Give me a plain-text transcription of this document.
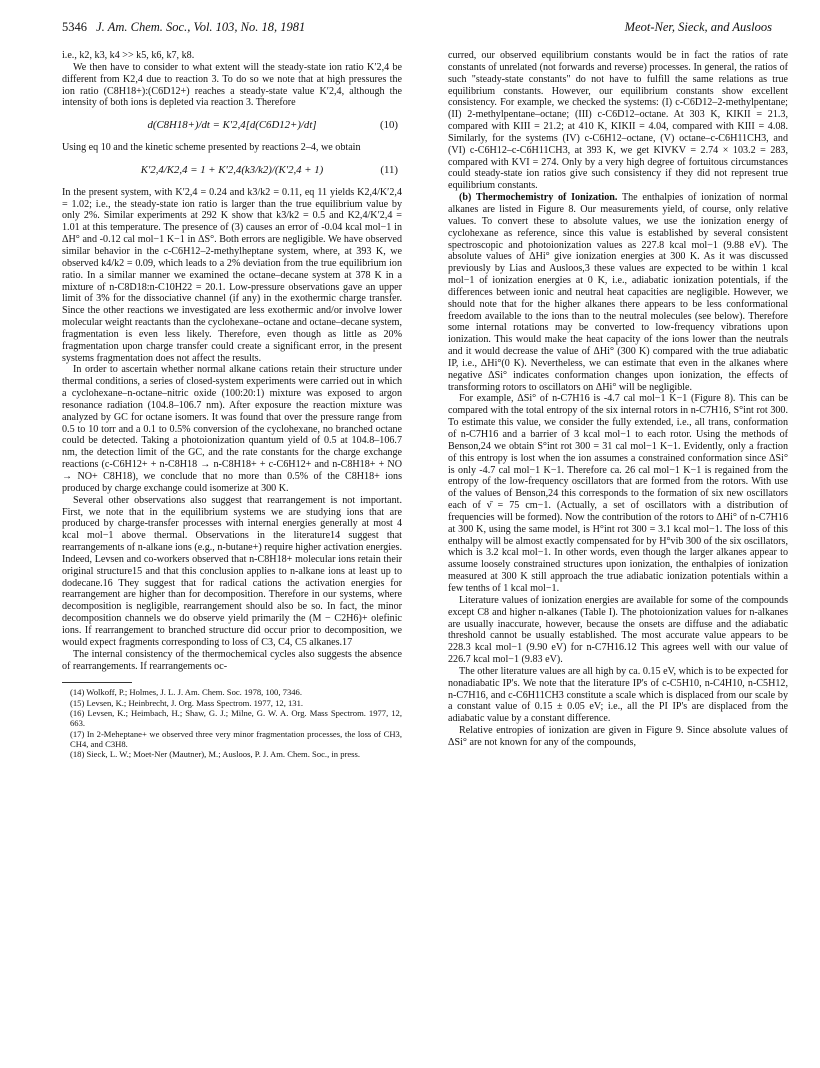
5346 J. Am. Chem. Soc., Vol. 103, No. 18, 1981	Meot-Ner, Sieck, and Ausloos

i.e., k2, k3, k4 >> k5, k6, k7, k8.

We then have to consider to what extent will the steady-state ion ratio K′2,4 be different from K2,4 due to reaction 3. To do so we note that at high pressures the ion ratio (C8H18+):(C6D12+) reaches a steady-state value K′2,4, although the intensity of both ions is depleted via reaction 3. Therefore

d(C8H18+)/dt = K′2,4[d(C6D12+)/dt]	(10)

Using eq 10 and the kinetic scheme presented by reactions 2–4, we obtain

K′2,4/K2,4 = 1 + K′2,4(k3/k2)/(K′2,4 + 1)	(11)

In the present system, with K′2,4 = 0.24 and k3/k2 = 0.11, eq 11 yields K2,4/K′2,4 = 1.02; i.e., the steady-state ion ratio is larger than the true equilibrium value by only 2%. Similar experiments at 292 K show that k3/k2 = 0.5 and K2,4/K′2,4 = 1.01 at this temperature. The presence of (3) causes an error of -0.04 kcal mol−1 in ΔH° and -0.12 cal mol−1 K−1 in ΔS°. Both errors are negligible. We have observed similar behavior in the c-C6H12–2-methylheptane system, where, at 393 K, we observed k4/k2 = 0.09, which leads to a 2% deviation from the true equilibrium ion ratio. In a similar manner we examined the octane–decane system at 378 K in a mixture of n-C8D18:n-C10H22 = 20.1. Low-pressure observations gave an upper limit of 3% for the dissociative channel (if any) in the exothermic charge transfer. Since the other reactions we investigated are less exothermic and/or involve lower molecular weight reactants than the cyclohexane–octane and octane–decane system, fragmentation is even less likely. Therefore, even though as little as 20% fragmentation upon charge transfer could create a significant error, in the present systems fragmentation does not affect the results.

In order to ascertain whether normal alkane cations retain their structure under thermal conditions, a series of closed-system experiments were carried out in which a cyclohexane–n-octane–nitric oxide (100:20:1) mixture was exposed to argon resonance radiation (104.8–106.7 nm). After exposure the reaction mixture was analyzed by GC for octane isomers. It was found that over the pressure range from 0.5 to 10 torr and a 0.1 to 0.5% conversion of the cyclohexane, no branched octane could be detected. Taking a photoionization quantum yield of 0.5 at 104.8–106.7 nm, the detection limit of the GC, and the rate constants for the charge exchange reactions (c-C6H12+ + n-C8H18 → n-C8H18+ + c-C6H12+ and n-C8H18+ + NO → NO+ C8H18), we conclude that no more than 0.5% of the C8H18+ ions produced by charge exchange could isomerize at 300 K.

Several other observations also suggest that rearrangement is not important. First, we note that in the equilibrium systems we are studying ions that are produced by charge-transfer processes with internal energies generally at most 4 kcal mol−1 above thermal. Observations in the literature14 suggest that rearrangements of n-alkane ions (e.g., n-butane+) require higher activation energies. Indeed, Levsen and co-workers observed that n-C8H18+ molecular ions retain their original structure15 and that this conclusion applies to n-alkane ions at least up to dodecane.16 They suggest that for radical cations the activation energies for rearrangement are higher than for decomposition. Therefore in our systems, where decomposition is negligible, rearrangement should also be so. In fact, the minor decomposition channels we do observe yield primarily the (M − C2H6)+ olefinic ions. If rearrangement to branched structure did occur prior to decomposition, we would expect fragments corresponding to loss of C3, C4, C5 alkanes.17

The internal consistency of the thermochemical cycles also suggests the absence of rearrangements. If rearrangements oc-

(14) Wolkoff, P.; Holmes, J. L. J. Am. Chem. Soc. 1978, 100, 7346.

(15) Levsen, K.; Heinbrecht, J. Org. Mass Spectrom. 1977, 12, 131.

(16) Levsen, K.; Heimbach, H.; Shaw, G. J.; Milne, G. W. A. Org. Mass Spectrom. 1977, 12, 663.

(17) In 2-Meheptane+ we observed three very minor fragmentation processes, the loss of CH3, CH4, and C3H8.

(18) Sieck, L. W.; Moet-Ner (Mautner), M.; Ausloos, P. J. Am. Chem. Soc., in press.

curred, our observed equilibrium constants would be in fact the ratios of rate constants of unrelated (not forwards and reverse) processes. In general, the ratios of such "steady-state constants" do not have to fulfill the same relations as true equilibrium constants. However, our equilibrium constants show excellent consistency. For example, we checked the systems: (I) c-C6D12–2-methylpentane; (II) 2-methylpentane–octane; (III) c-C6D12–octane. At 303 K, KIKII = 21.3, compared with KIII = 21.2; at 410 K, KIKII = 4.04, compared with KIII = 4.08. Similarly, for the systems (IV) c-C6H12–octane, (V) octane–c-C6H11CH3, and (VI) c-C6H12–c-C6H11CH3, at 393 K, we get KIVKV = 2.74 × 103.2 = 283, compared with KVI = 274. Only by a very high degree of fortuitous circumstances could steady-state ion ratios give such consistency if they did not represent true equilibrium constants.

(b) Thermochemistry of Ionization. The enthalpies of ionization of normal alkanes are listed in Figure 8. Our measurements yield, of course, only relative values. To convert these to absolute values, we use the ionization energy of cyclohexane as reference, since this value is established by several consistent spectroscopic and photoionization values as 227.8 kcal mol−1 (9.88 eV). The absolute values of ΔHi° give ionization energies at 300 K. As it was discussed previously by Lias and Ausloos,3 these values are expected to be within 1 kcal mol−1 of ionization energies at 0 K, i.e., adiabatic ionization potentials, if the differences between ionic and neutral heat capacities are negligible. However, we should note that for the higher alkanes there appears to be less conformational freedom available to the ions than to the neutral molecules (see below). Therefore some internal rotations may be converted to low-frequency vibrations upon ionization. This would make the heat capacity of the ions lower than the neutrals and it would decrease the value of ΔHi° (300 K) compared with the true adiabatic IP, i.e., ΔHi°(0 K). Nevertheless, we can estimate that even in the alkanes where negative ΔSi° indicates conformation changes upon ionization, the effects of transforming rotors to oscillators on ΔHi° will be negligible.

For example, ΔSi° of n-C7H16 is -4.7 cal mol−1 K−1 (Figure 8). This can be compared with the total entropy of the six internal rotors in n-C7H16, S°int rot 300. To estimate this value, we consider the fully extended, i.e., all trans, conformation of n-C7H16 and a barrier of 3 kcal mol−1 to each rotor. Using the methods of Benson,24 we obtain S°int rot 300 = 31 cal mol−1 K−1. Evidently, only a fraction of this entropy is lost when the ion assumes a constrained conformation since ΔSi° is only -4.7 cal mol−1 K−1. Therefore ca. 26 cal mol−1 K−1 is regained from the entropy of the low-frequency oscillators that are formed from the rotors. With use of the values of Benson,24 this corresponds to the formation of six new oscillators each of ν̄ = 75 cm−1. (Actually, a set of oscillators with a distribution of frequencies will be formed). Now the contribution of the rotors to ΔHi° of n-C7H16 at 300 K, using the same model, is H°int rot 300 = 3.1 kcal mol−1. The loss of this enthalpy will be almost exactly compensated for by H°vib 300 of the six oscillators, which is 3.2 kcal mol−1. In other words, even though the larger alkanes appear to assume loosely constrained structures upon ionization, the enthalpies of ionization measured at 300 K still approach the true adiabatic ionization potentials within a few tenths of 1 kcal mol−1.

Literature values of ionization energies are available for some of the compounds except C8 and higher n-alkanes (Table I). The photoionization values for n-alkanes are usually inaccurate, however, because the onsets are diffuse and the adiabatic threshold cannot be usually established. The most accurate value appears to be 228.3 kcal mol−1 (9.90 eV) for n-C7H16.12 This agrees well with our value of 226.7 kcal mol−1 (9.83 eV).

The other literature values are all high by ca. 0.15 eV, which is to be expected for nonadiabatic IP's. We note that the literature IP's of c-C5H10, n-C4H10, n-C5H12, n-C7H16, and c-C6H11CH3 constitute a scale which is displaced from our scale by a constant value of 0.15 ± 0.05 eV; i.e., all the PI IP's are displaced from the adiabatic value by a constant difference.

Relative entropies of ionization are given in Figure 9. Since absolute values of ΔSi° are not known for any of the compounds,
